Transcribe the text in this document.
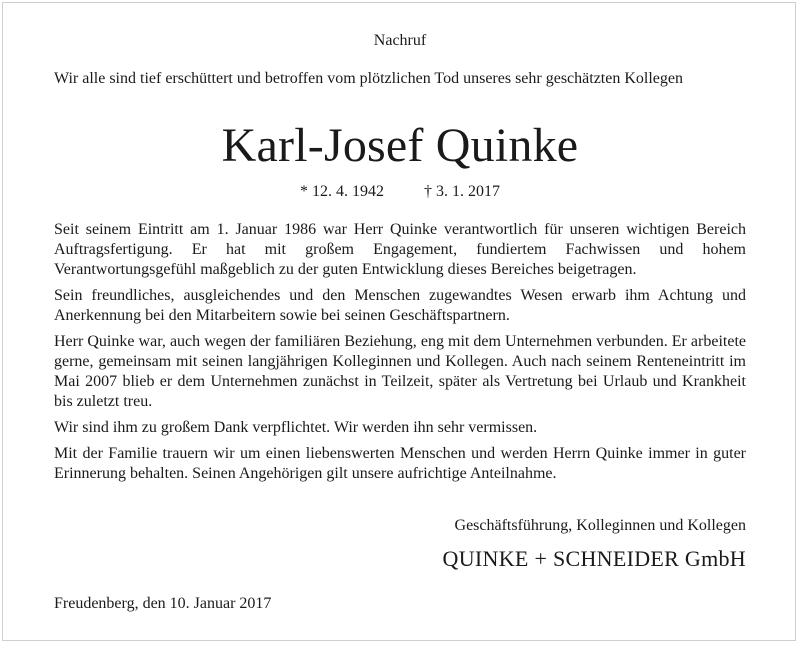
Nachruf
Wir alle sind tief erschüttert und betroffen vom plötzlichen Tod unseres sehr geschätzten Kollegen
Karl-Josef Quinke
* 12. 4. 1942	† 3. 1. 2017

Seit seinem Eintritt am 1. Januar 1986 war Herr Quinke verantwortlich für unseren wichtigen Bereich Auftragsfertigung. Er hat mit großem Engagement, fundiertem Fachwissen und hohem Verantwortungsgefühl maßgeblich zu der guten Entwicklung dieses Bereiches beigetragen.

Sein freundliches, ausgleichendes und den Menschen zugewandtes Wesen erwarb ihm Achtung und Anerkennung bei den Mitarbeitern sowie bei seinen Geschäftspartnern.

Herr Quinke war, auch wegen der familiären Beziehung, eng mit dem Unternehmen verbunden. Er arbeitete gerne, gemeinsam mit seinen langjährigen Kolleginnen und Kollegen. Auch nach seinem Renteneintritt im Mai 2007 blieb er dem Unternehmen zunächst in Teilzeit, später als Vertretung bei Urlaub und Krankheit bis zuletzt treu.

Wir sind ihm zu großem Dank verpflichtet. Wir werden ihn sehr vermissen.

Mit der Familie trauern wir um einen liebenswerten Menschen und werden Herrn Quinke immer in guter Erinnerung behalten. Seinen Angehörigen gilt unsere aufrichtige Anteilnahme.

Geschäftsführung, Kolleginnen und Kollegen
QUINKE + SCHNEIDER GmbH
Freudenberg, den 10. Januar 2017
